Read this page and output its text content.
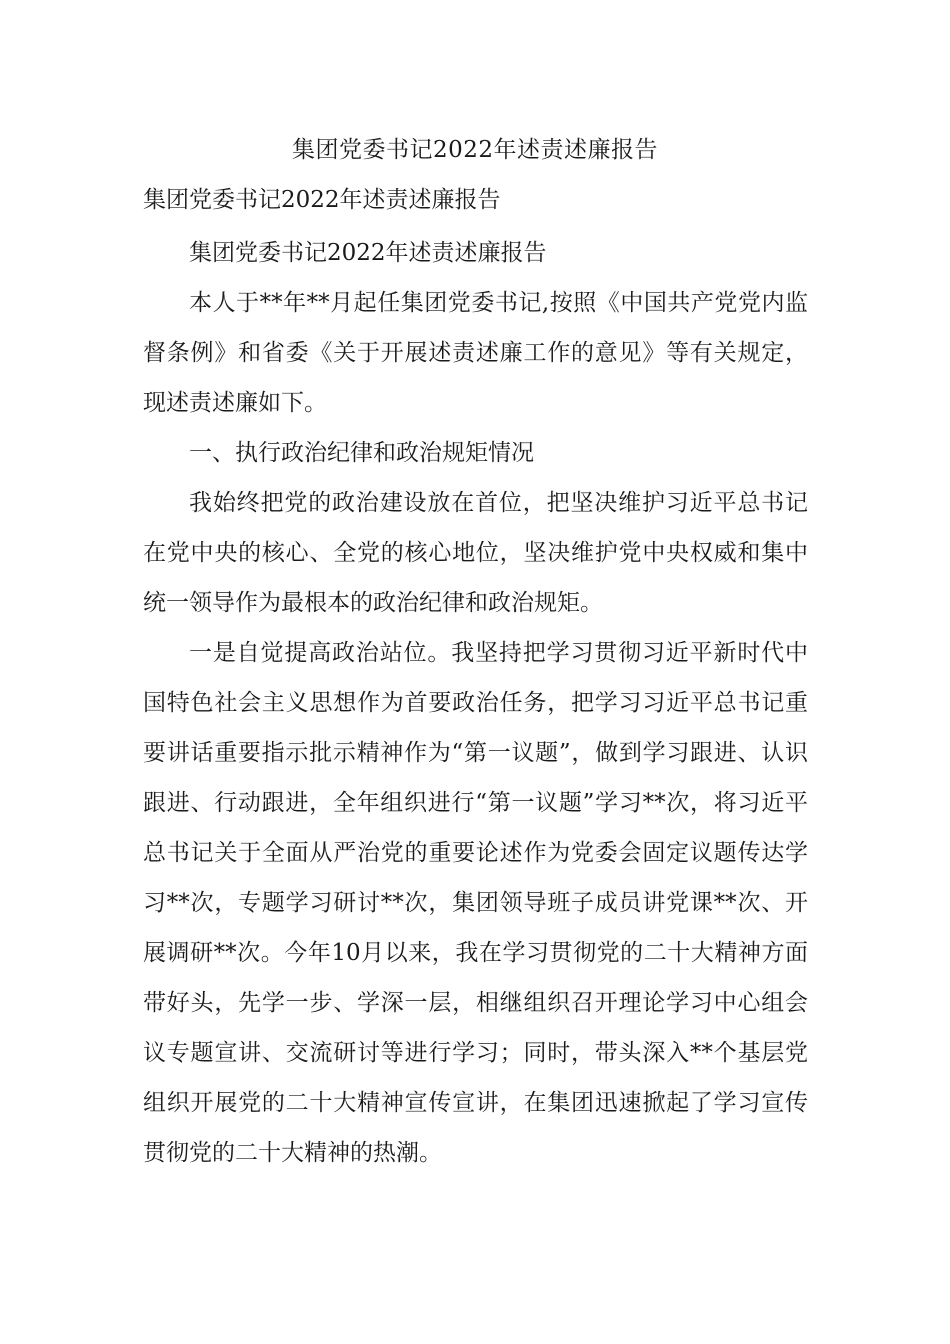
集团党委书记2022年述责述廉报告
集团党委书记2022年述责述廉报告

集团党委书记2022年述责述廉报告

本人于**年**月起任集团党委书记,按照《中国共产党党内监督条例》和省委《关于开展述责述廉工作的意见》等有关规定，现述责述廉如下。

一、执行政治纪律和政治规矩情况

我始终把党的政治建设放在首位，把坚决维护习近平总书记在党中央的核心、全党的核心地位，坚决维护党中央权威和集中统一领导作为最根本的政治纪律和政治规矩。

一是自觉提高政治站位。我坚持把学习贯彻习近平新时代中国特色社会主义思想作为首要政治任务，把学习习近平总书记重要讲话重要指示批示精神作为“第一议题”，做到学习跟进、认识跟进、行动跟进，全年组织进行“第一议题”学习**次，将习近平总书记关于全面从严治党的重要论述作为党委会固定议题传达学习**次，专题学习研讨**次，集团领导班子成员讲党课**次、开展调研**次。今年10月以来，我在学习贯彻党的二十大精神方面带好头，先学一步、学深一层，相继组织召开理论学习中心组会议专题宣讲、交流研讨等进行学习；同时，带头深入**个基层党组织开展党的二十大精神宣传宣讲，在集团迅速掀起了学习宣传贯彻党的二十大精神的热潮。
